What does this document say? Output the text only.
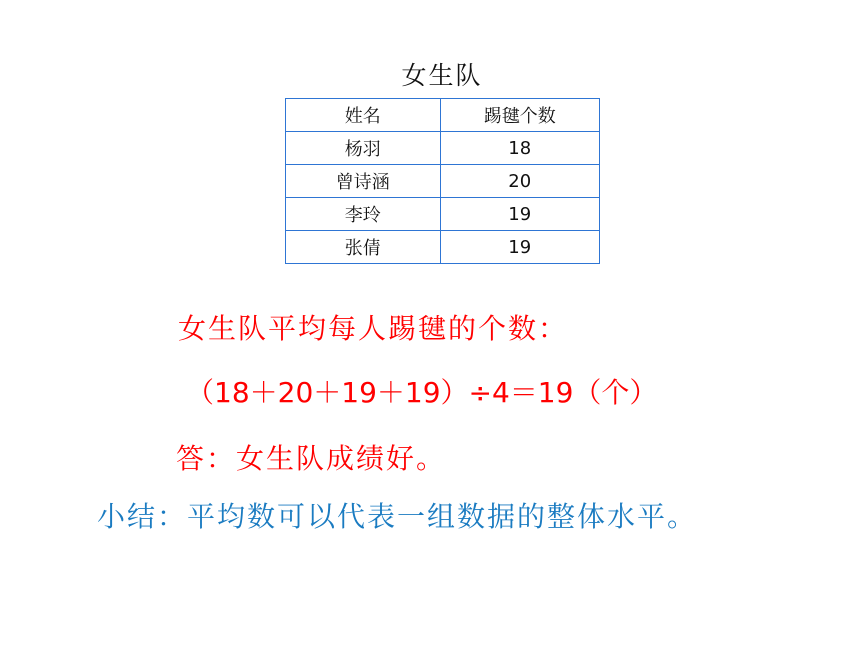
女生队
姓名	踢毽个数
杨羽	18
曾诗涵	20
李玲	19
张倩	19
女生队平均每人踢毽的个数：
（18＋20＋19＋19）÷4＝19（个）
答：女生队成绩好。
小结：平均数可以代表一组数据的整体水平。
